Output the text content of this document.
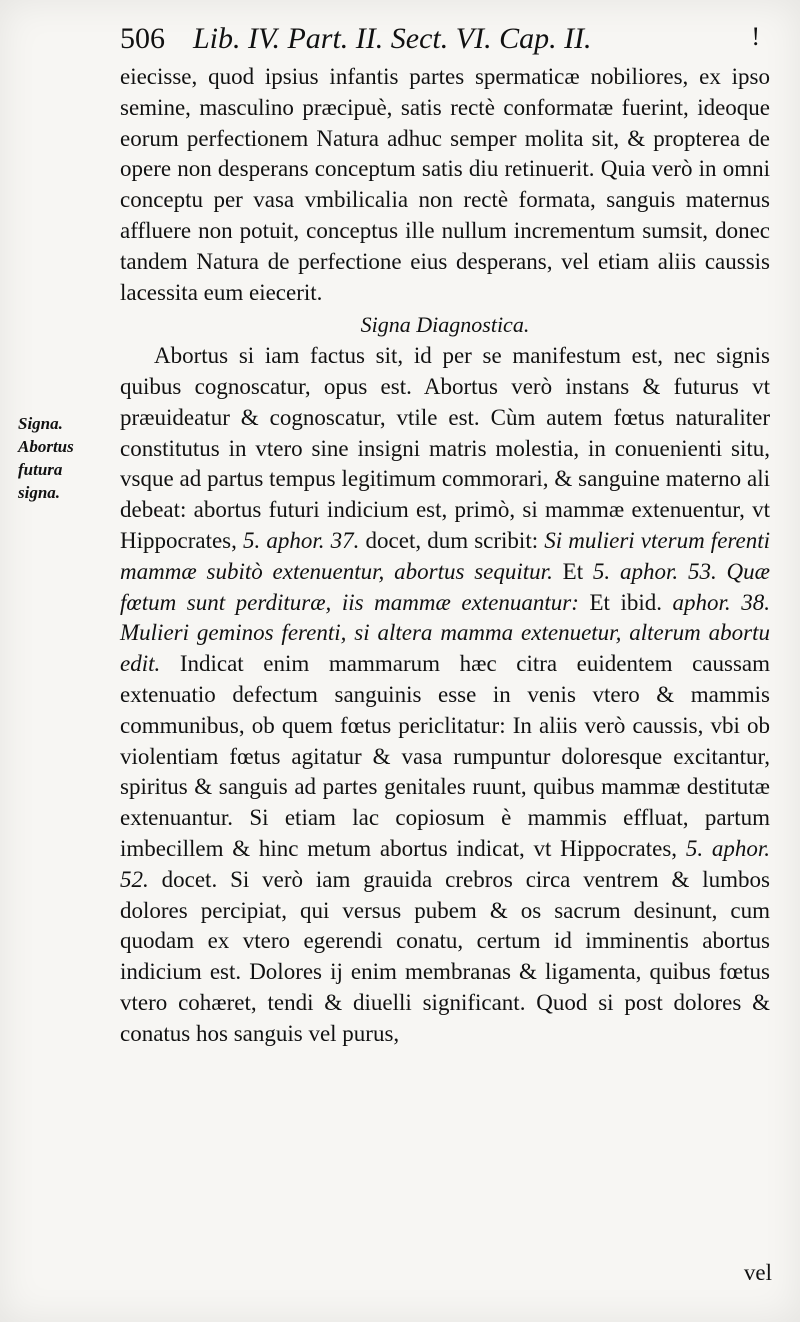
506 Lib. IV. Part. II. Sect. VI. Cap. II.	!
Signa.
Abortus
futura
signa.

eiecisse, quod ipsius infantis partes spermaticæ nobiliores, ex ipso semine, masculino præcipuè, satis rectè conformatæ fuerint, ideoque eorum perfectionem Natura adhuc semper molita sit, & propterea de opere non desperans conceptum satis diu retinuerit. Quia verò in omni conceptu per vasa vmbilicalia non rectè formata, sanguis maternus affluere non potuit, conceptus ille nullum incrementum sumsit, donec tandem Natura de perfectione eius desperans, vel etiam aliis caussis lacessita eum eiecerit.

Signa Diagnostica.

Abortus si iam factus sit, id per se manifestum est, nec signis quibus cognoscatur, opus est. Abortus verò instans & futurus vt præuideatur & cognoscatur, vtile est. Cùm autem fœtus naturaliter constitutus in vtero sine insigni matris molestia, in conuenienti situ, vsque ad partus tempus legitimum commorari, & sanguine materno ali debeat: abortus futuri indicium est, primò, si mammæ extenuentur, vt Hippocrates, 5. aphor. 37. docet, dum scribit: Si mulieri vterum ferenti mammæ subitò extenuentur, abortus sequitur. Et 5. aphor. 53. Quæ fœtum sunt perdituræ, iis mammæ extenuantur: Et ibid. aphor. 38. Mulieri geminos ferenti, si altera mamma extenuetur, alterum abortu edit. Indicat enim mammarum hæc citra euidentem caussam extenuatio defectum sanguinis esse in venis vtero & mammis communibus, ob quem fœtus periclitatur: In aliis verò caussis, vbi ob violentiam fœtus agitatur & vasa rumpuntur doloresque excitantur, spiritus & sanguis ad partes genitales ruunt, quibus mammæ destitutæ extenuantur. Si etiam lac copiosum è mammis effluat, partum imbecillem & hinc metum abortus indicat, vt Hippocrates, 5. aphor. 52. docet. Si verò iam grauida crebros circa ventrem & lumbos dolores percipiat, qui versus pubem & os sacrum desinunt, cum quodam ex vtero egerendi conatu, certum id imminentis abortus indicium est. Dolores ij enim membranas & ligamenta, quibus fœtus vtero cohæret, tendi & diuelli significant. Quod si post dolores & conatus hos sanguis vel purus,

vel
